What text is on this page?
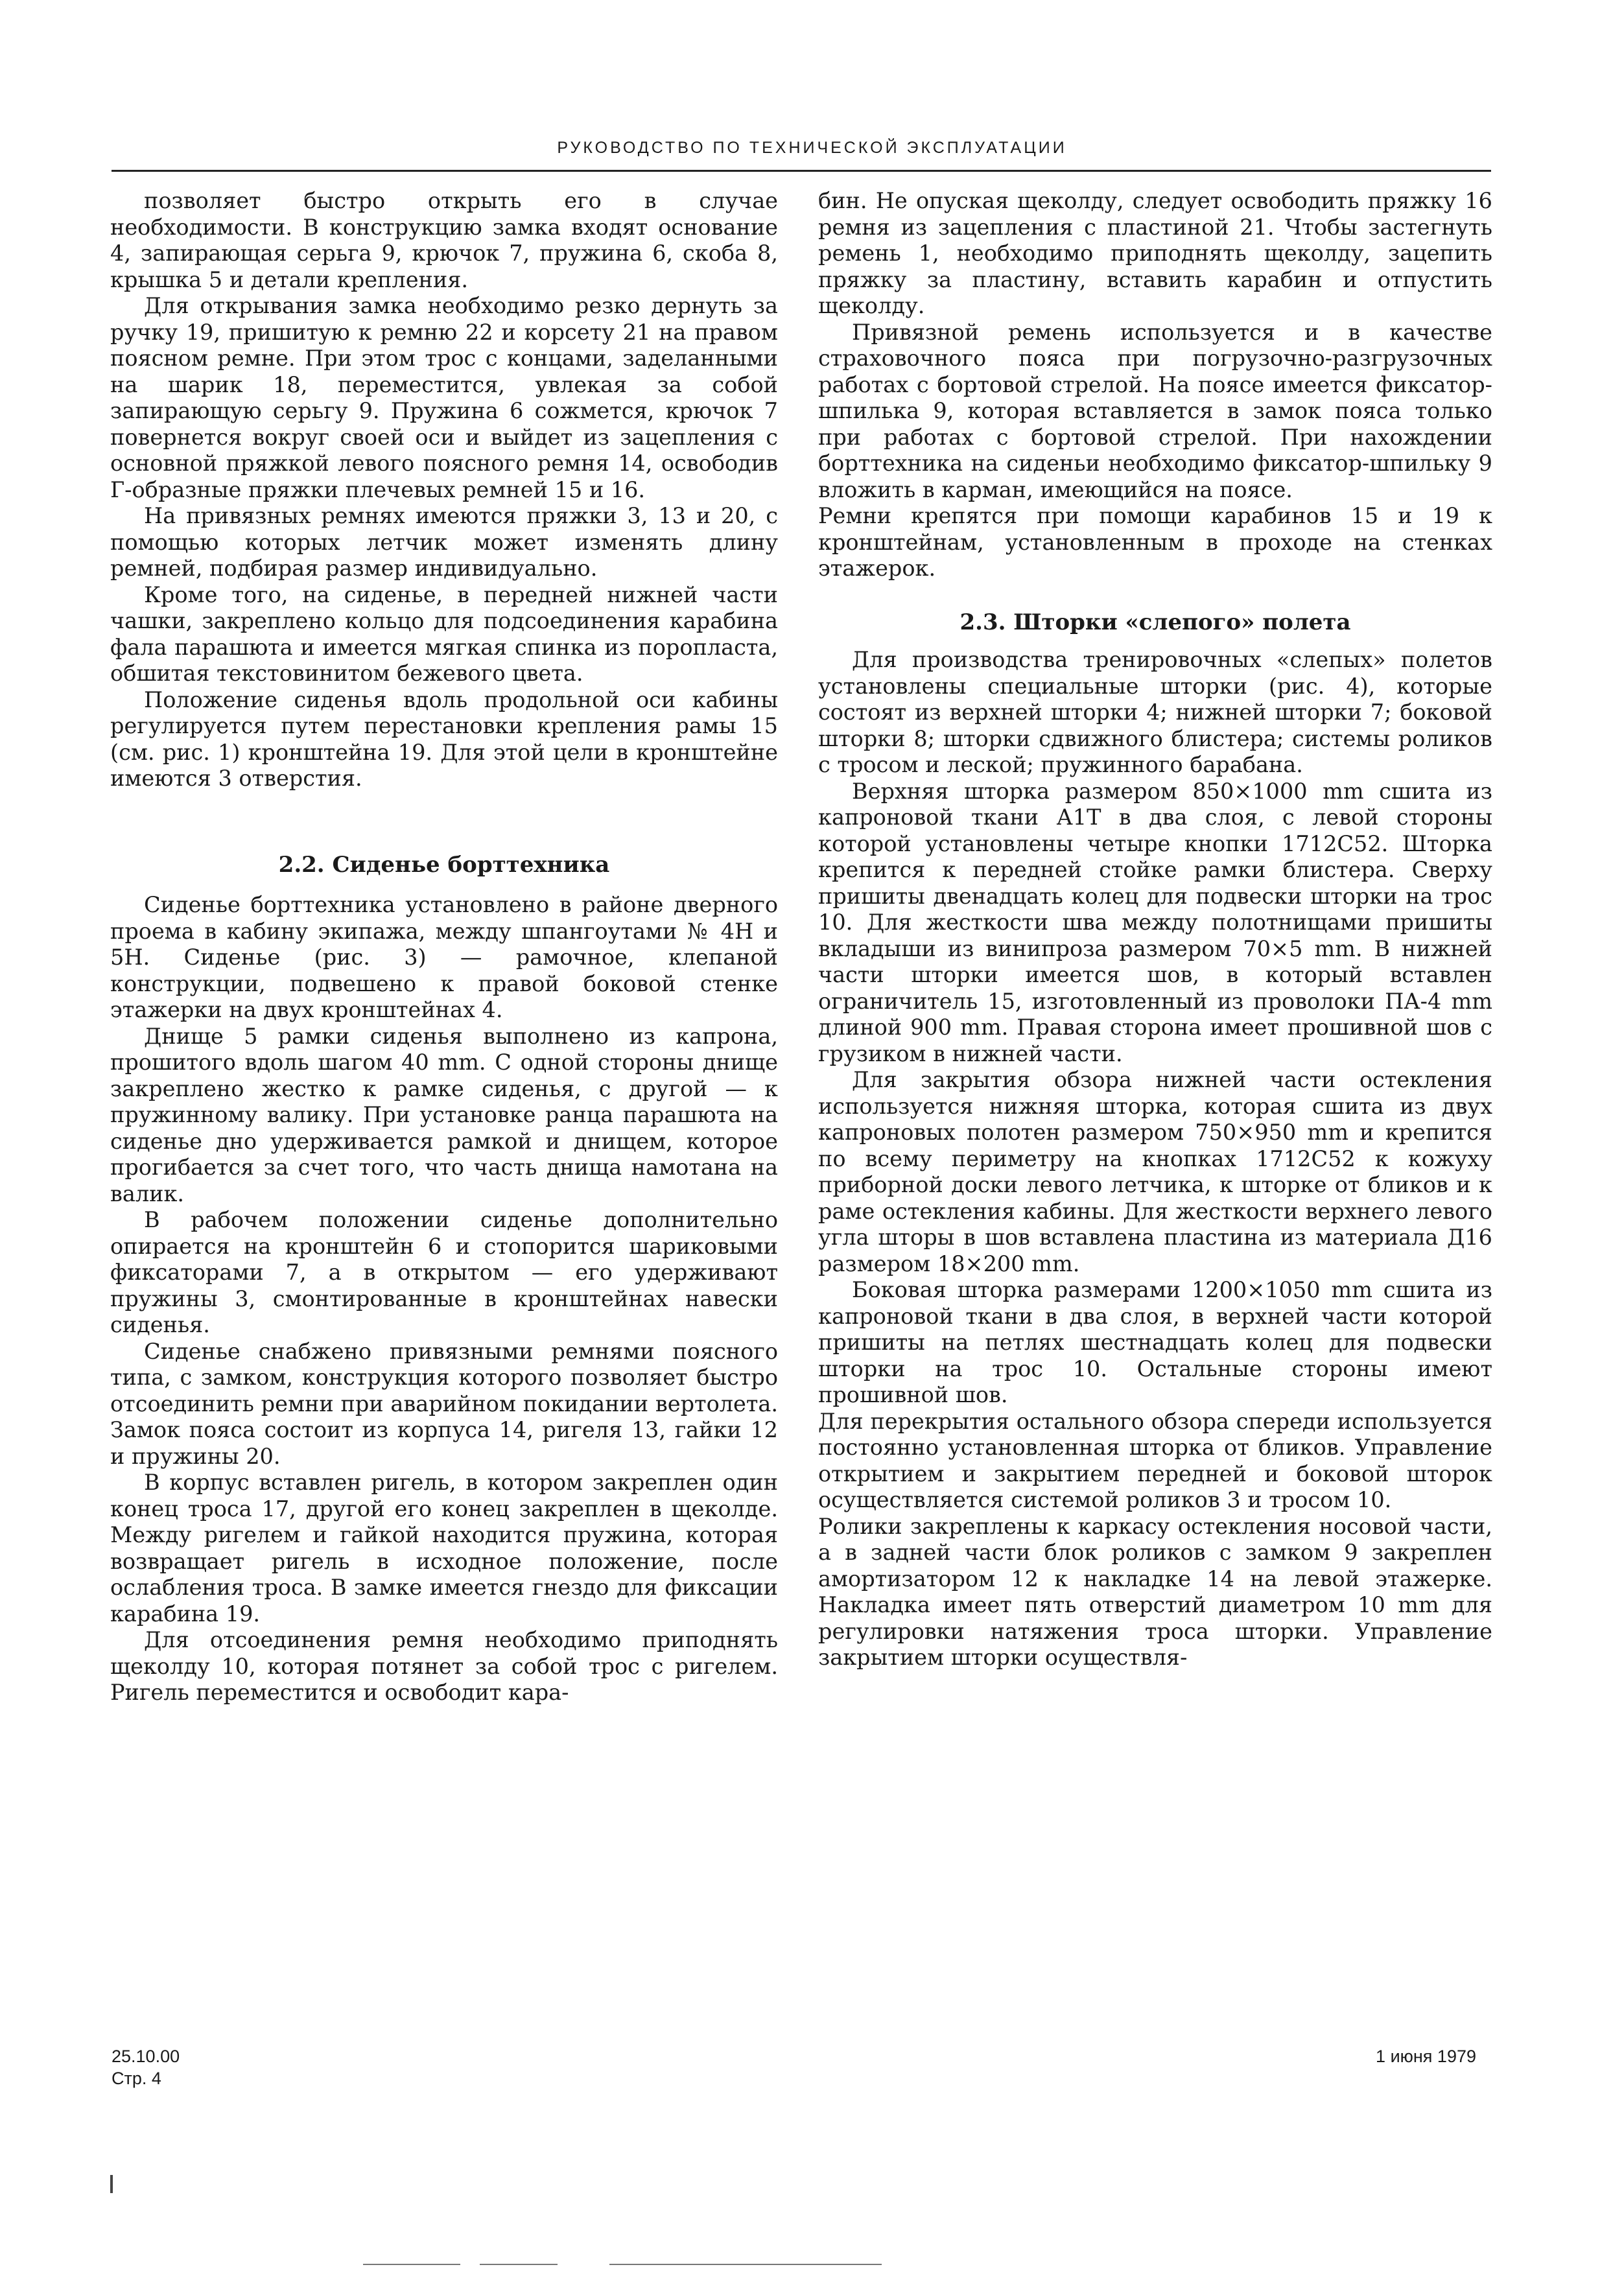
РУКОВОДСТВО ПО ТЕХНИЧЕСКОЙ ЭКСПЛУАТАЦИИ

позволяет быстро открыть его в случае необходимости. В конструкцию замка входят основание 4, запирающая серьга 9, крючок 7, пружина 6, скоба 8, крышка 5 и детали крепления.

Для открывания замка необходимо резко дернуть за ручку 19, пришитую к ремню 22 и корсету 21 на правом поясном ремне. При этом трос с концами, заделанными на шарик 18, переместится, увлекая за собой запирающую серьгу 9. Пружина 6 сожмется, крючок 7 повернется вокруг своей оси и выйдет из зацепления с основной пряжкой левого поясного ремня 14, освободив Г-образные пряжки плечевых ремней 15 и 16.

На привязных ремнях имеются пряжки 3, 13 и 20, с помощью которых летчик может изменять длину ремней, подбирая размер индивидуально.

Кроме того, на сиденье, в передней нижней части чашки, закреплено кольцо для подсоединения карабина фала парашюта и имеется мягкая спинка из поропласта, обшитая текстовинитом бежевого цвета.

Положение сиденья вдоль продольной оси кабины регулируется путем перестановки крепления рамы 15 (см. рис. 1) кронштейна 19. Для этой цели в кронштейне имеются 3 отверстия.

2.2. Сиденье борттехника

Сиденье борттехника установлено в районе дверного проема в кабину экипажа, между шпангоутами № 4Н и 5Н. Сиденье (рис. 3) — рамочное, клепаной конструкции, подвешено к правой боковой стенке этажерки на двух кронштейнах 4.

Днище 5 рамки сиденья выполнено из капрона, прошитого вдоль шагом 40 mm. С одной стороны днище закреплено жестко к рамке сиденья, с другой — к пружинному валику. При установке ранца парашюта на сиденье дно удерживается рамкой и днищем, которое прогибается за счет того, что часть днища намотана на валик.

В рабочем положении сиденье дополнительно опирается на кронштейн 6 и стопорится шариковыми фиксаторами 7, а в открытом — его удерживают пружины 3, смонтированные в кронштейнах навески сиденья.

Сиденье снабжено привязными ремнями поясного типа, с замком, конструкция которого позволяет быстро отсоединить ремни при аварийном покидании вертолета. Замок пояса состоит из корпуса 14, ригеля 13, гайки 12 и пружины 20.

В корпус вставлен ригель, в котором закреплен один конец троса 17, другой его конец закреплен в щеколде. Между ригелем и гайкой находится пружина, которая возвращает ригель в исходное положение, после ослабления троса. В замке имеется гнездо для фиксации карабина 19.

Для отсоединения ремня необходимо приподнять щеколду 10, которая потянет за собой трос с ригелем. Ригель переместится и освободит кара-

бин. Не опуская щеколду, следует освободить пряжку 16 ремня из зацепления с пластиной 21. Чтобы застегнуть ремень 1, необходимо приподнять щеколду, зацепить пряжку за пластину, вставить карабин и отпустить щеколду.

Привязной ремень используется и в качестве страховочного пояса при погрузочно-разгрузочных работах с бортовой стрелой. На поясе имеется фиксатор-шпилька 9, которая вставляется в замок пояса только при работах с бортовой стрелой. При нахождении борттехника на сиденьи необходимо фиксатор-шпильку 9 вложить в карман, имеющийся на поясе.

Ремни крепятся при помощи карабинов 15 и 19 к кронштейнам, установленным в проходе на стенках этажерок.

2.3. Шторки «слепого» полета

Для производства тренировочных «слепых» полетов установлены специальные шторки (рис. 4), которые состоят из верхней шторки 4; нижней шторки 7; боковой шторки 8; шторки сдвижного блистера; системы роликов с тросом и леской; пружинного барабана.

Верхняя шторка размером 850×1000 mm сшита из капроновой ткани А1Т в два слоя, с левой стороны которой установлены четыре кнопки 1712С52. Шторка крепится к передней стойке рамки блистера. Сверху пришиты двенадцать колец для подвески шторки на трос 10. Для жесткости шва между полотнищами пришиты вкладыши из винипроза размером 70×5 mm. В нижней части шторки имеется шов, в который вставлен ограничитель 15, изготовленный из проволоки ПА-4 mm длиной 900 mm. Правая сторона имеет прошивной шов с грузиком в нижней части.

Для закрытия обзора нижней части остекления используется нижняя шторка, которая сшита из двух капроновых полотен размером 750×950 mm и крепится по всему периметру на кнопках 1712С52 к кожуху приборной доски левого летчика, к шторке от бликов и к раме остекления кабины. Для жесткости верхнего левого угла шторы в шов вставлена пластина из материала Д16 размером 18×200 mm.

Боковая шторка размерами 1200×1050 mm сшита из капроновой ткани в два слоя, в верхней части которой пришиты на петлях шестнадцать колец для подвески шторки на трос 10. Остальные стороны имеют прошивной шов.

Для перекрытия остального обзора спереди используется постоянно установленная шторка от бликов. Управление открытием и закрытием передней и боковой шторок осуществляется системой роликов 3 и тросом 10.

Ролики закреплены к каркасу остекления носовой части, а в задней части блок роликов с замком 9 закреплен амортизатором 12 к накладке 14 на левой этажерке. Накладка имеет пять отверстий диаметром 10 mm для регулировки натяжения троса шторки. Управление закрытием шторки осуществля-

25.10.00
Стр. 4
1 июня 1979
